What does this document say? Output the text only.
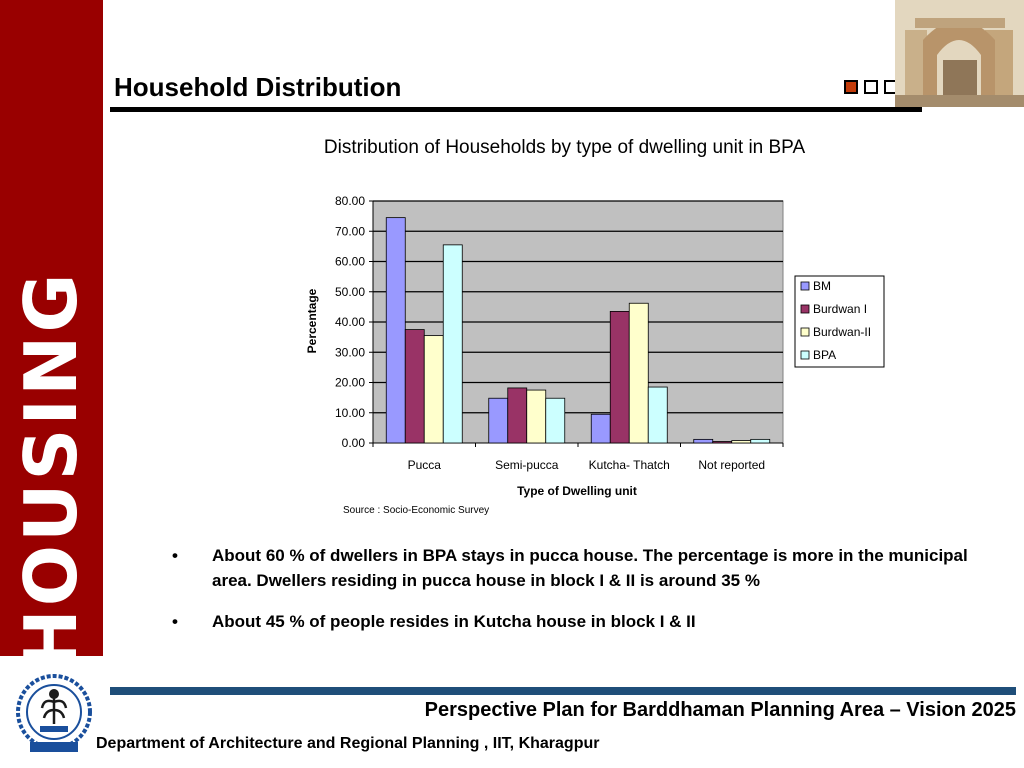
HOUSING
Household Distribution
Distribution of Households by type of dwelling unit in BPA
0.00
10.00
20.00
30.00
40.00
50.00
60.00
70.00
80.00
Pucca	Semi-pucca	Kutcha- Thatch Not reported
Percentage
Type of Dwelling unit
Source : Socio-Economic Survey
BM
Burdwan I
Burdwan-II
BPA
•	About 60 % of dwellers in BPA stays in pucca house. The percentage is more in the municipal area. Dwellers residing in pucca house in block I & II is around 35 %
•	About 45 % of people resides in Kutcha house in block I & II
Perspective Plan for Barddhaman Planning Area – Vision 2025
Department of Architecture and Regional Planning , IIT, Kharagpur
